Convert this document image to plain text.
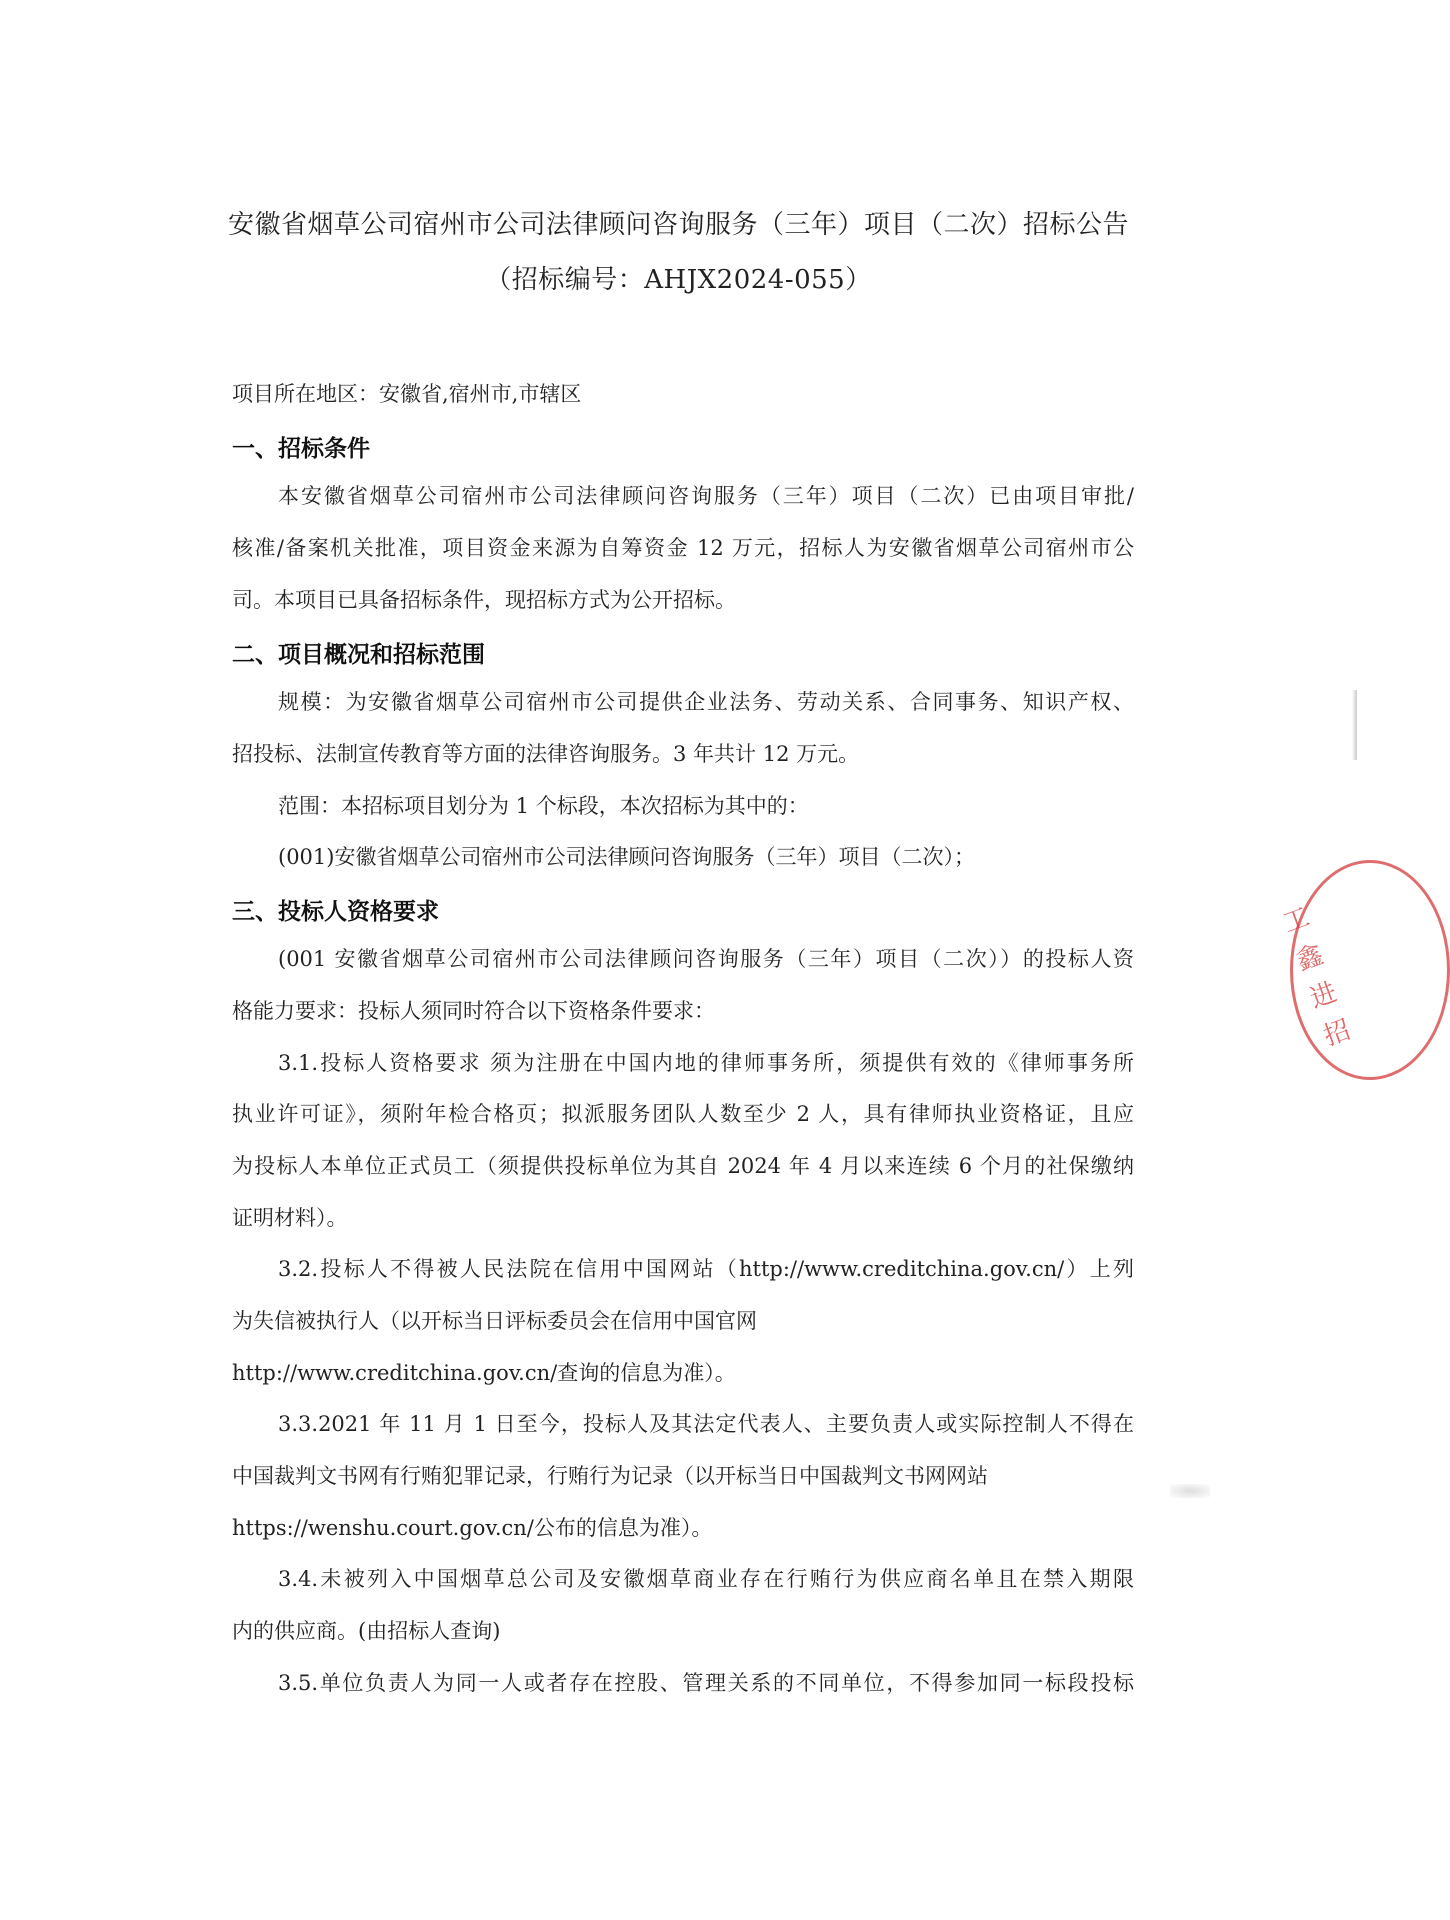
安徽省烟草公司宿州市公司法律顾问咨询服务（三年）项目（二次）招标公告
（招标编号：AHJX2024-055）
项目所在地区：安徽省,宿州市,市辖区
一、招标条件
本安徽省烟草公司宿州市公司法律顾问咨询服务（三年）项目（二次）已由项目审批/
核准/备案机关批准，项目资金来源为自筹资金 12 万元，招标人为安徽省烟草公司宿州市公
司。本项目已具备招标条件，现招标方式为公开招标。
二、项目概况和招标范围
规模：为安徽省烟草公司宿州市公司提供企业法务、劳动关系、合同事务、知识产权、
招投标、法制宣传教育等方面的法律咨询服务。3 年共计 12 万元。
范围：本招标项目划分为 1 个标段，本次招标为其中的：
(001)安徽省烟草公司宿州市公司法律顾问咨询服务（三年）项目（二次）；
三、投标人资格要求
(001 安徽省烟草公司宿州市公司法律顾问咨询服务（三年）项目（二次））的投标人资
格能力要求：投标人须同时符合以下资格条件要求：
3.1.投标人资格要求 须为注册在中国内地的律师事务所，须提供有效的《律师事务所
执业许可证》，须附年检合格页；拟派服务团队人数至少 2 人，具有律师执业资格证，且应
为投标人本单位正式员工（须提供投标单位为其自 2024 年 4 月以来连续 6 个月的社保缴纳
证明材料）。
3.2.投标人不得被人民法院在信用中国网站（http://www.creditchina.gov.cn/）上列
为失信被执行人（以开标当日评标委员会在信用中国官网
http://www.creditchina.gov.cn/查询的信息为准）。
3.3.2021 年 11 月 1 日至今，投标人及其法定代表人、主要负责人或实际控制人不得在
中国裁判文书网有行贿犯罪记录，行贿行为记录（以开标当日中国裁判文书网网站
https://wenshu.court.gov.cn/公布的信息为准）。
3.4.未被列入中国烟草总公司及安徽烟草商业存在行贿行为供应商名单且在禁入期限
内的供应商。(由招标人查询)
3.5.单位负责人为同一人或者存在控股、管理关系的不同单位，不得参加同一标段投标
工 鑫 进 招
